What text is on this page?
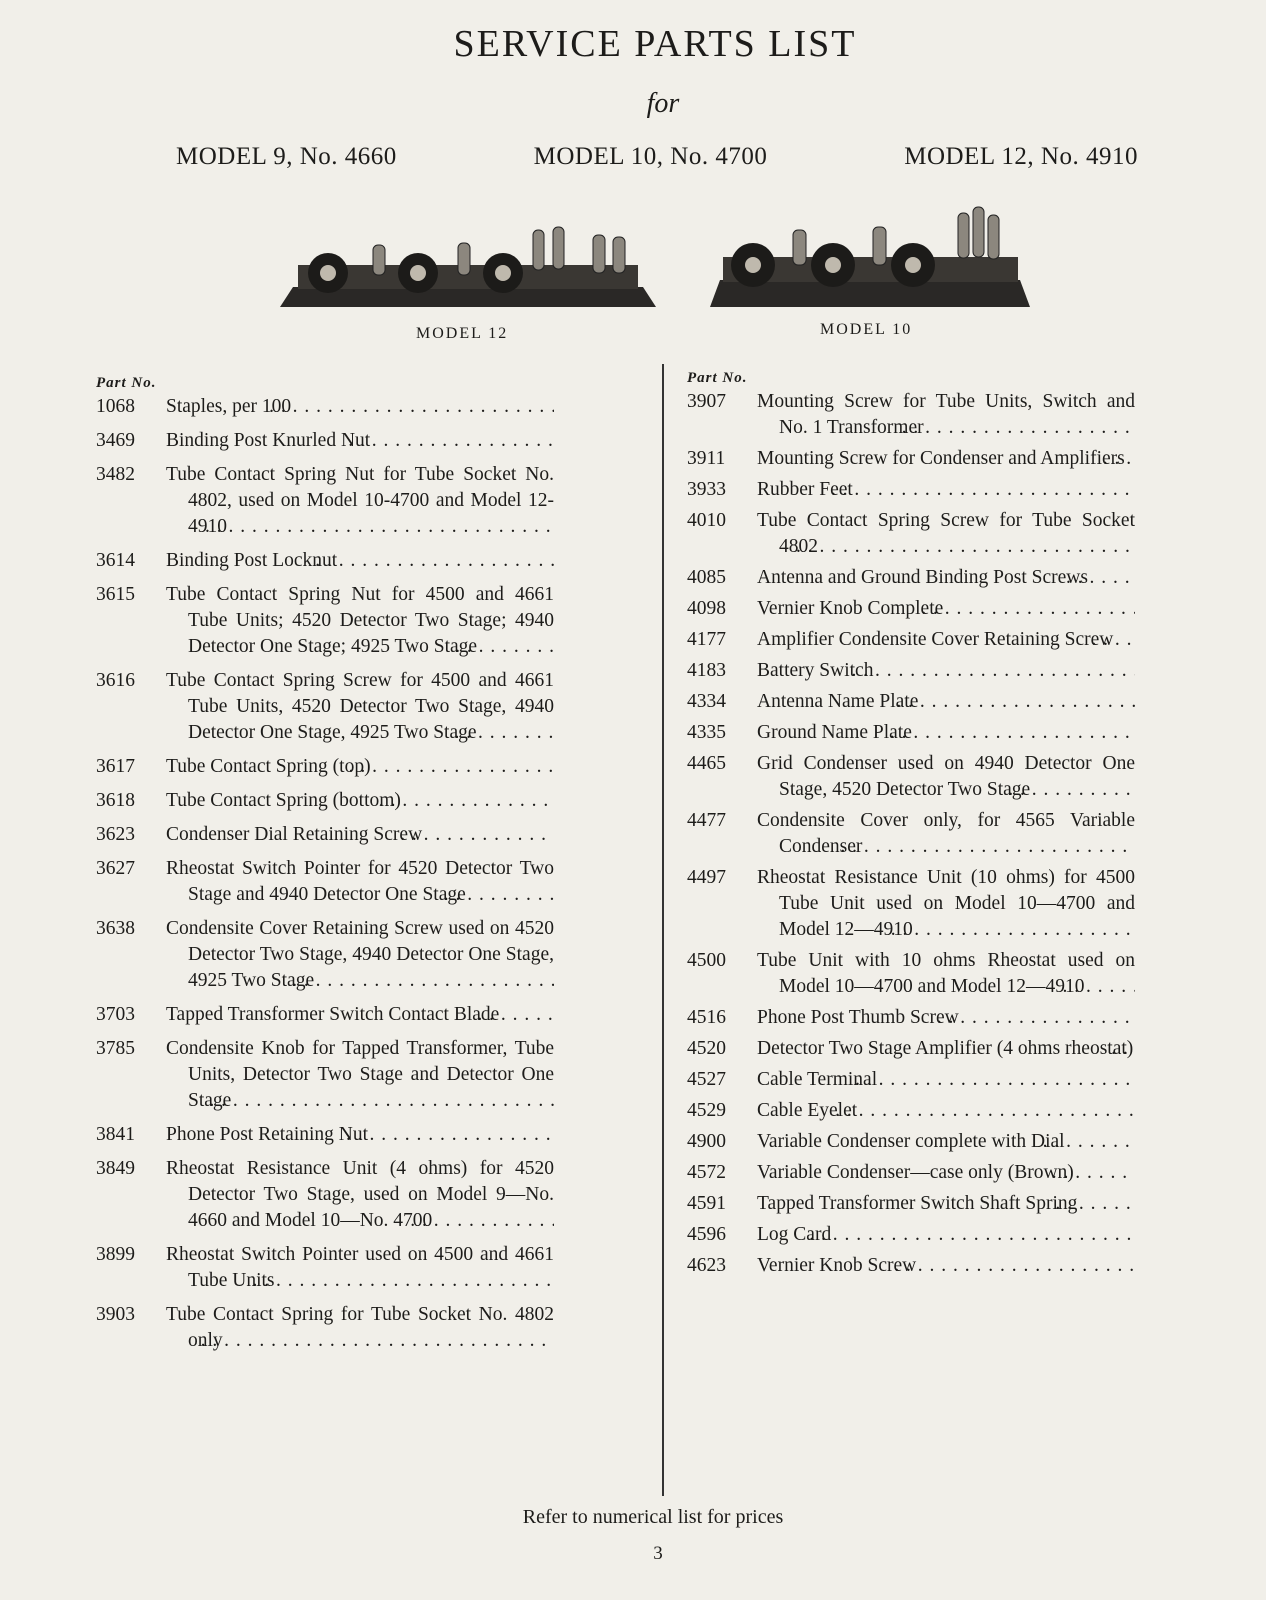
SERVICE PARTS LIST
for
MODEL 9, No. 4660	MODEL 10, No. 4700	MODEL 12, No. 4910
MODEL 12	MODEL 10
Part No.
1068	Staples, per 100 . . .
3469	Binding Post Knurled Nut . . .
3482	Tube Contact Spring Nut for Tube Socket No. 4802, used on Model 10-4700 and Model 12-4910 . . .
3614	Binding Post Locknut . . .
3615	Tube Contact Spring Nut for 4500 and 4661 Tube Units; 4520 Detector Two Stage; 4940 Detector One Stage; 4925 Two Stage . . .
3616	Tube Contact Spring Screw for 4500 and 4661 Tube Units, 4520 Detector Two Stage, 4940 Detector One Stage, 4925 Two Stage . . .
3617	Tube Contact Spring (top) . . .
3618	Tube Contact Spring (bottom) . . .
3623	Condenser Dial Retaining Screw . . .
3627	Rheostat Switch Pointer for 4520 Detector Two Stage and 4940 Detector One Stage . . .
3638	Condensite Cover Retaining Screw used on 4520 Detector Two Stage, 4940 Detector One Stage, 4925 Two Stage . . .
3703	Tapped Transformer Switch Contact Blade . . .
3785	Condensite Knob for Tapped Transformer, Tube Units, Detector Two Stage and Detector One Stage . . .
3841	Phone Post Retaining Nut . . .
3849	Rheostat Resistance Unit (4 ohms) for 4520 Detector Two Stage, used on Model 9—No. 4660 and Model 10—No. 4700 . . .
3899	Rheostat Switch Pointer used on 4500 and 4661 Tube Units . . .
3903	Tube Contact Spring for Tube Socket No. 4802 only . . .
Part No.
3907	Mounting Screw for Tube Units, Switch and No. 1 Transformer . . .
3911	Mounting Screw for Condenser and Amplifiers . . .
3933	Rubber Feet . . .
4010	Tube Contact Spring Screw for Tube Socket 4802 . . .
4085	Antenna and Ground Binding Post Screws . . .
4098	Vernier Knob Complete . . .
4177	Amplifier Condensite Cover Retaining Screw . . .
4183	Battery Switch . . .
4334	Antenna Name Plate . . .
4335	Ground Name Plate . . .
4465	Grid Condenser used on 4940 Detector One Stage, 4520 Detector Two Stage . . .
4477	Condensite Cover only, for 4565 Variable Condenser . . .
4497	Rheostat Resistance Unit (10 ohms) for 4500 Tube Unit used on Model 10—4700 and Model 12—4910 . . .
4500	Tube Unit with 10 ohms Rheostat used on Model 10—4700 and Model 12—4910 . . .
4516	Phone Post Thumb Screw . . .
4520	Detector Two Stage Amplifier (4 ohms rheostat) . . .
4527	Cable Terminal . . .
4529	Cable Eyelet . . .
4900	Variable Condenser complete with Dial . . .
4572	Variable Condenser—case only (Brown) . . .
4591	Tapped Transformer Switch Shaft Spring . . .
4596	Log Card . . .
4623	Vernier Knob Screw . . .
Refer to numerical list for prices
3
